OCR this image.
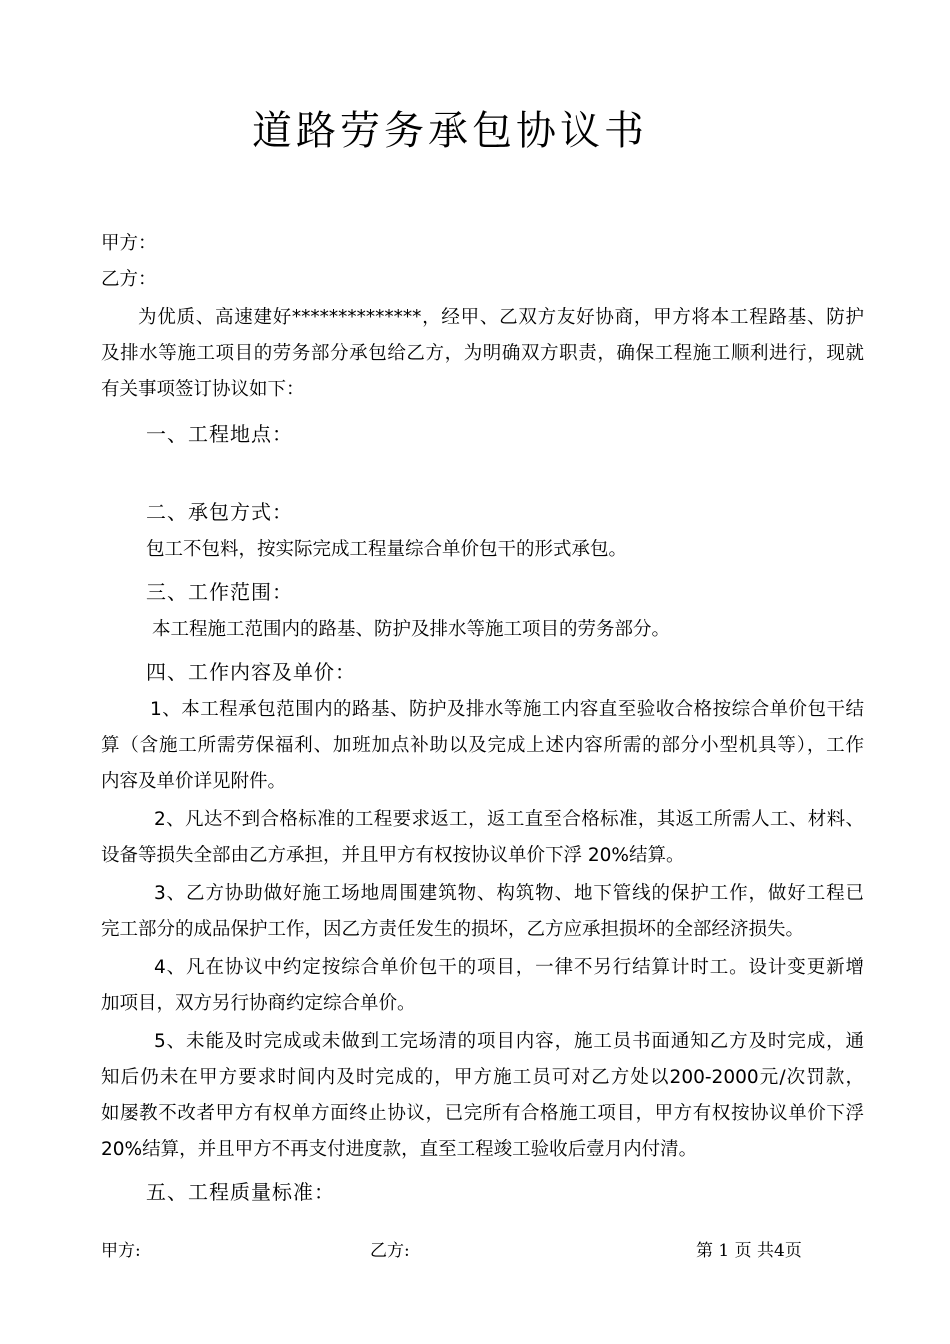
道路劳务承包协议书
甲方：
乙方：
为优质、高速建好**************，经甲、乙双方友好协商，甲方将本工程路基、防护
及排水等施工项目的劳务部分承包给乙方，为明确双方职责，确保工程施工顺利进行，现就
有关事项签订协议如下：
一、工程地点：
二、承包方式：
包工不包料，按实际完成工程量综合单价包干的形式承包。
三、工作范围：
本工程施工范围内的路基、防护及排水等施工项目的劳务部分。
四、工作内容及单价：
1、本工程承包范围内的路基、防护及排水等施工内容直至验收合格按综合单价包干结
算（含施工所需劳保福利、加班加点补助以及完成上述内容所需的部分小型机具等），工作
内容及单价详见附件。
2、凡达不到合格标准的工程要求返工，返工直至合格标准，其返工所需人工、材料、
设备等损失全部由乙方承担，并且甲方有权按协议单价下浮 20%结算。
3、乙方协助做好施工场地周围建筑物、构筑物、地下管线的保护工作，做好工程已
完工部分的成品保护工作，因乙方责任发生的损坏，乙方应承担损坏的全部经济损失。
4、凡在协议中约定按综合单价包干的项目，一律不另行结算计时工。设计变更新增
加项目，双方另行协商约定综合单价。
5、未能及时完成或未做到工完场清的项目内容，施工员书面通知乙方及时完成，通
知后仍未在甲方要求时间内及时完成的，甲方施工员可对乙方处以200-2000元/次罚款，
如屡教不改者甲方有权单方面终止协议，已完所有合格施工项目，甲方有权按协议单价下浮
20%结算，并且甲方不再支付进度款，直至工程竣工验收后壹月内付清。
五、工程质量标准：
甲方:	乙方:	第 1 页 共4页
